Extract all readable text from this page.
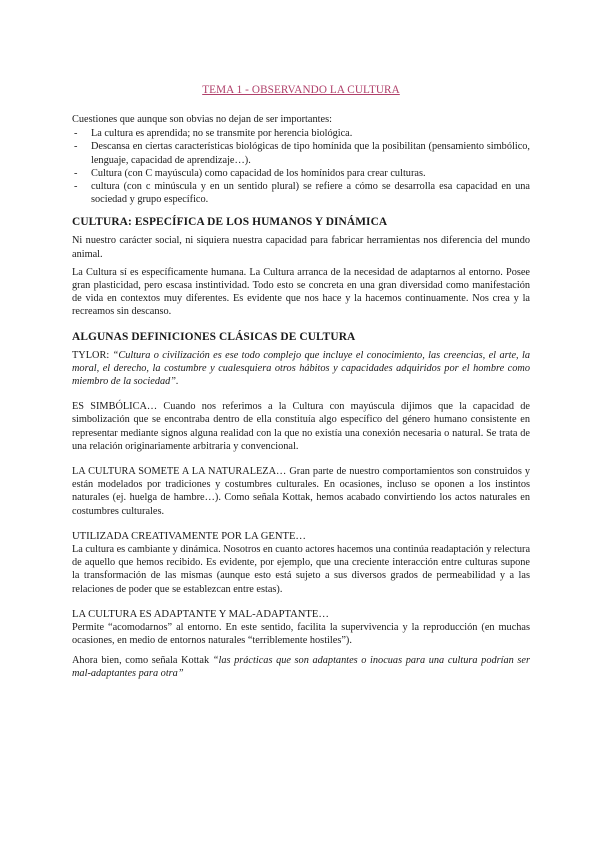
TEMA 1 - OBSERVANDO LA CULTURA

Cuestiones que aunque son obvias no dejan de ser importantes:

- La cultura es aprendida; no se transmite por herencia biológica.
- Descansa en ciertas características biológicas de tipo homínida que la posibilitan (pensamiento simbólico, lenguaje, capacidad de aprendizaje…).
- Cultura (con C mayúscula) como capacidad de los homínidos para crear culturas.
- cultura (con c minúscula y en un sentido plural) se refiere a cómo se desarrolla esa capacidad en una sociedad y grupo específico.
CULTURA: ESPECÍFICA DE LOS HUMANOS Y DINÁMICA

Ni nuestro carácter social, ni siquiera nuestra capacidad para fabricar herramientas nos diferencia del mundo animal.

La Cultura sí es específicamente humana. La Cultura arranca de la necesidad de adaptarnos al entorno. Posee gran plasticidad, pero escasa instintividad. Todo esto se concreta en una gran diversidad como manifestación de vida en contextos muy diferentes. Es evidente que nos hace y la hacemos continuamente. Nos crea y la recreamos sin descanso.

ALGUNAS DEFINICIONES CLÁSICAS DE CULTURA

TYLOR: “Cultura o civilización es ese todo complejo que incluye el conocimiento, las creencias, el arte, la moral, el derecho, la costumbre y cualesquiera otros hábitos y capacidades adquiridos por el hombre como miembro de la sociedad”.

ES SIMBÓLICA… Cuando nos referimos a la Cultura con mayúscula dijimos que la capacidad de simbolización que se encontraba dentro de ella constituía algo específico del género humano consistente en representar mediante signos alguna realidad con la que no existía una conexión necesaria o natural. Se trata de una relación originariamente arbitraria y convencional.

LA CULTURA SOMETE A LA NATURALEZA… Gran parte de nuestro comportamientos son construidos y están modelados por tradiciones y costumbres culturales. En ocasiones, incluso se oponen a los instintos naturales (ej. huelga de hambre…). Como señala Kottak, hemos acabado convirtiendo los actos naturales en costumbres culturales.

UTILIZADA CREATIVAMENTE POR LA GENTE…

La cultura es cambiante y dinámica. Nosotros en cuanto actores hacemos una continúa readaptación y relectura de aquello que hemos recibido. Es evidente, por ejemplo, que una creciente interacción entre culturas supone la transformación de las mismas (aunque esto está sujeto a sus diversos grados de permeabilidad y a las relaciones de poder que se establezcan entre estas).

LA CULTURA ES ADAPTANTE Y MAL-ADAPTANTE…

Permite “acomodarnos” al entorno. En este sentido, facilita la supervivencia y la reproducción (en muchas ocasiones, en medio de entornos naturales “terriblemente hostiles”).

Ahora bien, como señala Kottak “las prácticas que son adaptantes o inocuas para una cultura podrían ser mal-adaptantes para otra”
